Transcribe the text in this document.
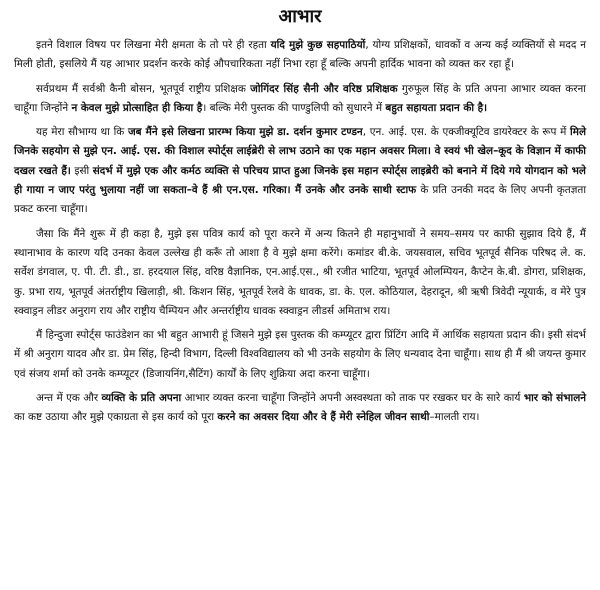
आभार

इतने विशाल विषय पर लिखना मेरी क्षमता के तो परे ही रहता यदि मुझे कुछ सहपाठियों, योग्य प्रशिक्षकों, धावकों व अन्य कई व्यक्तियों से मदद न मिली होती, इसलिये मैं यह आभार प्रदर्शन करके कोई औपचारिकता नहीं निभा रहा हूँ बल्कि अपनी हार्दिक भावना को व्यक्त कर रहा हूँ।

सर्वप्रथम मैं सर्वश्री कैनी बोसन, भूतपूर्व राष्ट्रीय प्रशिक्षक जोगिंदर सिंह सैनी और वरिष्ठ प्रशिक्षक गुरुफूल सिंह के प्रति अपना आभार व्यक्त करना चाहूँगा जिन्होंने न केवल मुझे प्रोत्साहित ही किया है। बल्कि मेरी पुस्तक की पाण्डुलिपी को सुधारने में बहुत सहायता प्रदान की है।

यह मेरा सौभाग्य था कि जब मैंने इसे लिखना प्रारम्भ किया मुझे डा. दर्शन कुमार टण्डन, एन. आई. एस. के एक्जीक्यूटिव डायरेक्टर के रूप में मिले जिनके सहयोग से मुझे एन. आई. एस. की विशाल स्पोर्ट्स लाईब्रेरी से लाभ उठाने का एक महान अवसर मिला। वे स्वयं भी खेल–कूद के विज्ञान में काफी दखल रखते हैं। इसी संदर्भ में मुझे एक और कर्मठ व्यक्ति से परिचय प्राप्त हुआ जिनके इस महान स्पोर्ट्स लाइब्रेरी को बनाने में दिये गये योगदान को भले ही गाया न जाए परंतु भुलाया नहीं जा सकता–वे हैं श्री एन.एस. गरिका। मैं उनके और उनके साथी स्टाफ के प्रति उनकी मदद के लिए अपनी कृतज्ञता प्रकट करना चाहूँगा।

जैसा कि मैंने शुरू में ही कहा है, मुझे इस पवित्र कार्य को पूरा करने में अन्य कितने ही महानुभावों ने समय–समय पर काफी सुझाव दिये हैं, मैं स्थानाभाव के कारण यदि उनका केवल उल्लेख ही करूँ तो आशा है वे मुझे क्षमा करेंगे। कमांडर बी.के. जयसवाल, सचिव भूतपूर्व सैनिक परिषद ले. क. सर्वेश डंगवाल, ए. पी. टी. डी., डा. हरदयाल सिंह, वरिष्ठ वैज्ञानिक, एन.आई.एस., श्री रजीत भाटिया, भूतपूर्व ओलम्पियन, कैप्टेन के.बी. डोगरा, प्रशिक्षक, कु. प्रभा राय, भूतपूर्व अंतर्राष्ट्रीय खिलाड़ी, श्री. किशन सिंह, भूतपूर्व रेलवे के धावक, डा. के. एल. कोठियाल, देहरादून, श्री ऋषी त्रिवेदी न्यूयार्क, व मेरे पुत्र स्क्वाड्रन लीडर अनुराग राय और राष्ट्रीय चैम्पियन और अन्तर्राष्ट्रीय धावक स्क्वाड्रन लीडर्स अमिताभ राय।

मैं हिन्दुजा स्पोर्ट्स फाउंडेशन का भी बहुत आभारी हूं जिसने मुझे इस पुस्तक की कम्प्यूटर द्वारा प्रिंटिंग आदि में आर्थिक सहायता प्रदान की। इसी संदर्भ में श्री अनुराग यादव और डा. प्रेम सिंह, हिन्दी विभाग, दिल्ली विश्वविद्यालय को भी उनके सहयोग के लिए धन्यवाद देना चाहूँगा। साथ ही मैं श्री जयन्त कुमार एवं संजय शर्मा को उनके कम्प्यूटर (डिजायनिंग,सैटिंग) कार्यों के लिए शुक्रिया अदा करना चाहूँगा।

अन्त में एक और व्यक्ति के प्रति अपना आभार व्यक्त करना चाहूँगा जिन्होंने अपनी अस्वस्थता को ताक पर रखकर घर के सारे कार्य भार को संभालने का कष्ट उठाया और मुझे एकाग्रता से इस कार्य को पूरा करने का अवसर दिया और वे हैं मेरी स्नेहिल जीवन साथी–मालती राय।
